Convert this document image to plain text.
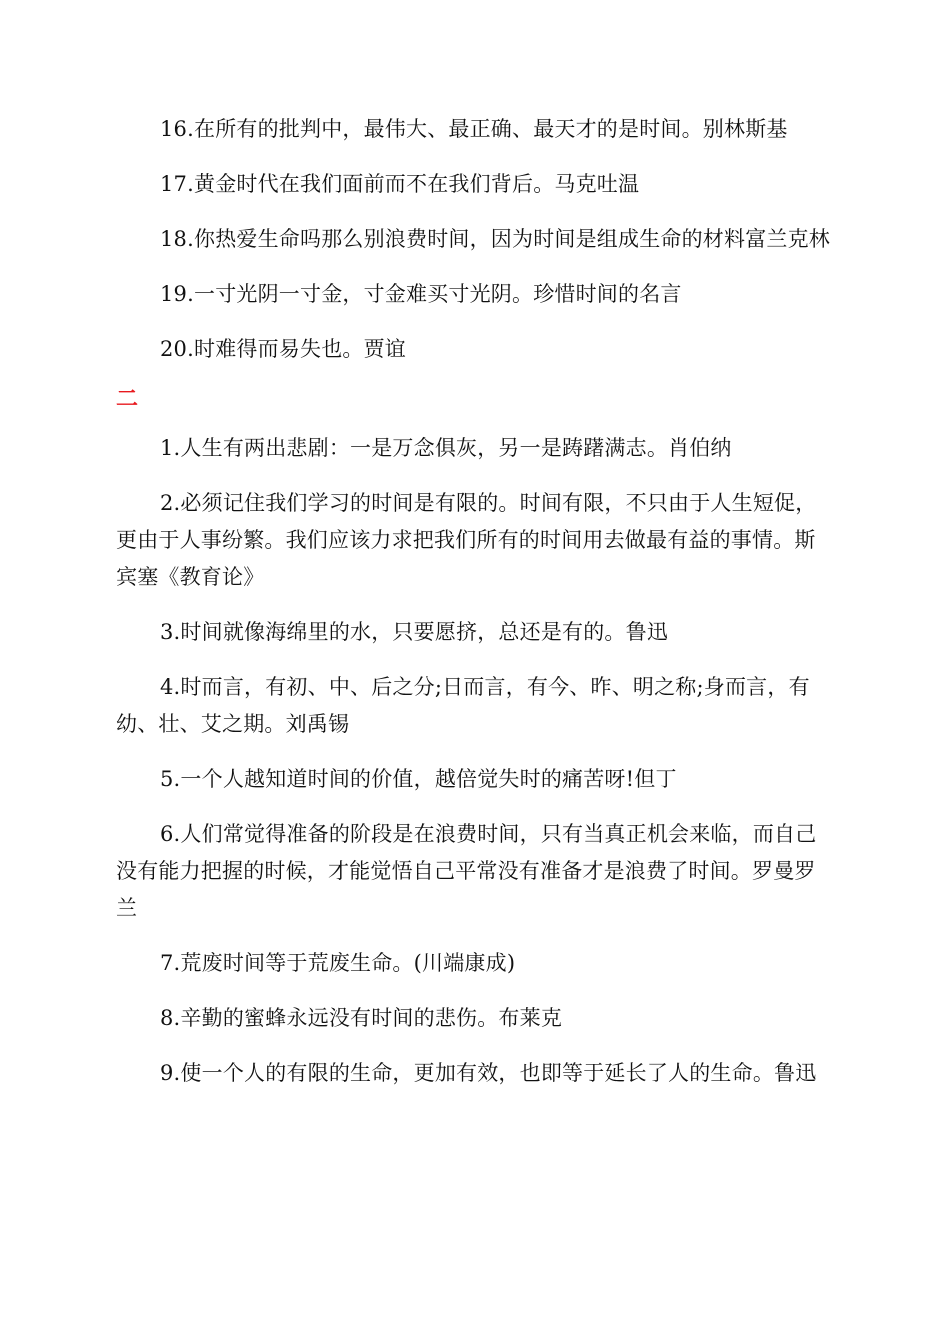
16.在所有的批判中，最伟大、最正确、最天才的是时间。别林斯基

17.黄金时代在我们面前而不在我们背后。马克吐温

18.你热爱生命吗那么别浪费时间，因为时间是组成生命的材料富兰克林

19.一寸光阴一寸金，寸金难买寸光阴。珍惜时间的名言

20.时难得而易失也。贾谊

二

1.人生有两出悲剧：一是万念俱灰，另一是踌躇满志。肖伯纳

2.必须记住我们学习的时间是有限的。时间有限，不只由于人生短促，更由于人事纷繁。我们应该力求把我们所有的时间用去做最有益的事情。斯宾塞《教育论》

3.时间就像海绵里的水，只要愿挤，总还是有的。鲁迅

4.时而言，有初、中、后之分;日而言，有今、昨、明之称;身而言，有幼、壮、艾之期。刘禹锡

5.一个人越知道时间的价值，越倍觉失时的痛苦呀!但丁

6.人们常觉得准备的阶段是在浪费时间，只有当真正机会来临，而自己没有能力把握的时候，才能觉悟自己平常没有准备才是浪费了时间。罗曼罗兰

7.荒废时间等于荒废生命。(川端康成)

8.辛勤的蜜蜂永远没有时间的悲伤。布莱克

9.使一个人的有限的生命，更加有效，也即等于延长了人的生命。鲁迅
